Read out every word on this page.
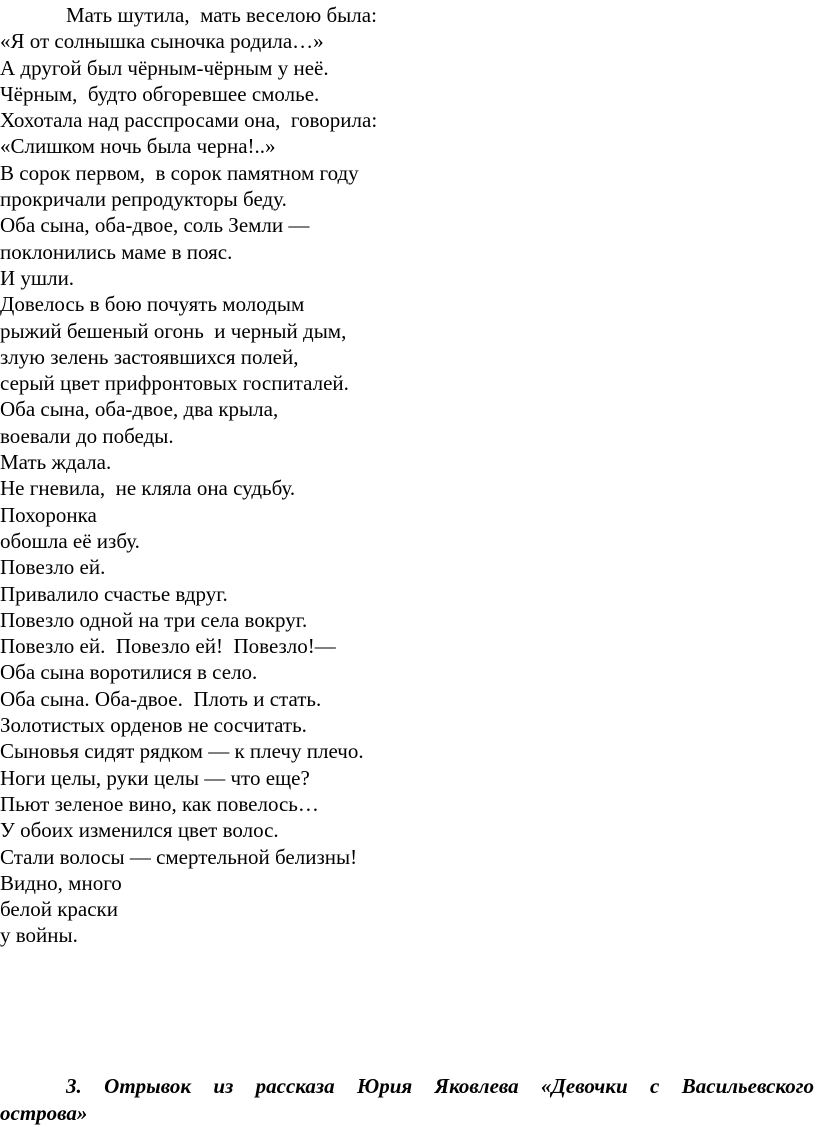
Мать шутила,  мать веселою была:
«Я от солнышка сыночка родила…»
А другой был чёрным-чёрным у неё.
Чёрным,  будто обгоревшее смолье.
Хохотала над расспросами она,  говорила:
«Слишком ночь была черна!..»
В сорок первом,  в сорок памятном году
прокричали репродукторы беду.
Оба сына, оба-двое, соль Земли —
поклонились маме в пояс.
И ушли.
Довелось в бою почуять молодым
рыжий бешеный огонь  и черный дым,
злую зелень застоявшихся полей,
серый цвет прифронтовых госпиталей.
Оба сына, оба-двое, два крыла,
воевали до победы.
Мать ждала.
Не гневила,  не кляла она судьбу.
Похоронка
обошла её избу.
Повезло ей.
Привалило счастье вдруг.
Повезло одной на три села вокруг.
Повезло ей.  Повезло ей!  Повезло!—
Оба сына воротилися в село.
Оба сына. Оба-двое.  Плоть и стать.
Золотистых орденов не сосчитать.
Сыновья сидят рядком — к плечу плечо.
Ноги целы, руки целы — что еще?
Пьют зеленое вино, как повелось…
У обоих изменился цвет волос.
Стали волосы — смертельной белизны!
Видно, много
белой краски
у войны.
3. Отрывок из рассказа Юрия Яковлева «Девочки с Васильевского
острова»
